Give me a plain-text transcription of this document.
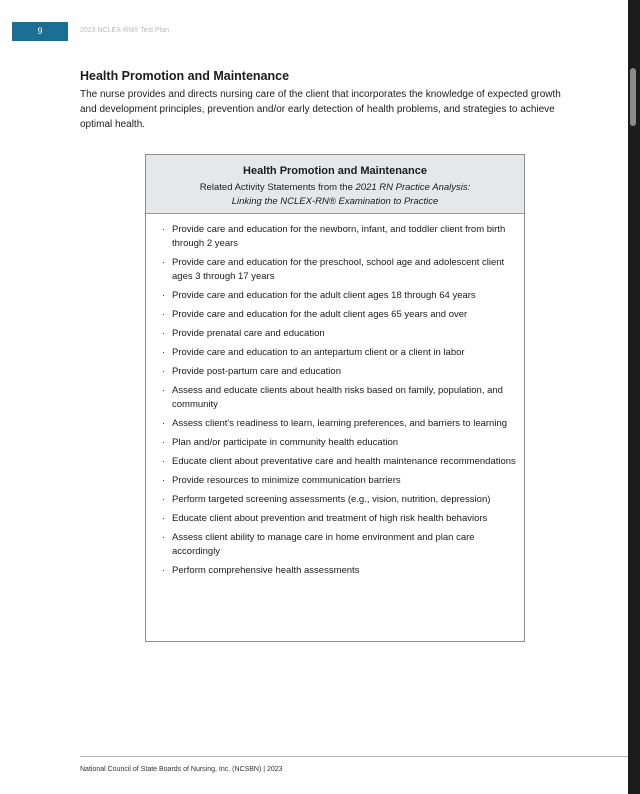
9	2023 NCLEX-RN® Test Plan
Health Promotion and Maintenance

The nurse provides and directs nursing care of the client that incorporates the knowledge of expected growth and development principles, prevention and/or early detection of health problems, and strategies to achieve optimal health.

Health Promotion and Maintenance
Related Activity Statements from the 2021 RN Practice Analysis:
Linking the NCLEX-RN® Examination to Practice
· Provide care and education for the newborn, infant, and toddler client from birth through 2 years
· Provide care and education for the preschool, school age and adolescent client ages 3 through 17 years
· Provide care and education for the adult client ages 18 through 64 years
· Provide care and education for the adult client ages 65 years and over
· Provide prenatal care and education
· Provide care and education to an antepartum client or a client in labor
· Provide post-partum care and education
· Assess and educate clients about health risks based on family, population, and community
· Assess client's readiness to learn, learning preferences, and barriers to learning
· Plan and/or participate in community health education
· Educate client about preventative care and health maintenance recommendations
· Provide resources to minimize communication barriers
· Perform targeted screening assessments (e.g., vision, nutrition, depression)
· Educate client about prevention and treatment of high risk health behaviors
· Assess client ability to manage care in home environment and plan care accordingly
· Perform comprehensive health assessments
National Council of State Boards of Nursing, Inc. (NCSBN) | 2023
